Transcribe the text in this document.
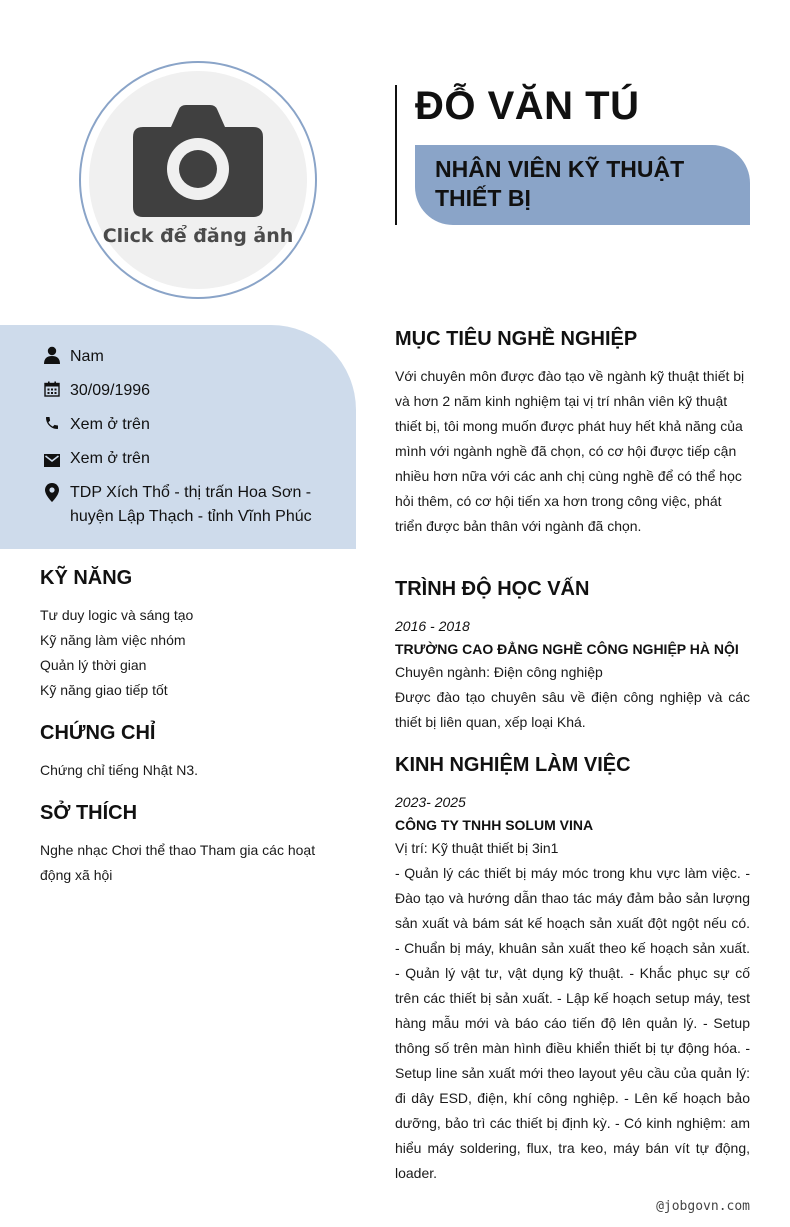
Click để đăng ảnh
ĐỖ VĂN TÚ
NHÂN VIÊN KỸ THUẬT THIẾT BỊ
Nam
30/09/1996
Xem ở trên
Xem ở trên
TDP Xích Thổ - thị trấn Hoa Sơn - huyện Lập Thạch - tỉnh Vĩnh Phúc
KỸ NĂNG
Tư duy logic và sáng tạo
Kỹ năng làm việc nhóm
Quản lý thời gian
Kỹ năng giao tiếp tốt
CHỨNG CHỈ
Chứng chỉ tiếng Nhật N3.
SỞ THÍCH
Nghe nhạc Chơi thể thao Tham gia các hoạt động xã hội
MỤC TIÊU NGHỀ NGHIỆP
Với chuyên môn được đào tạo về ngành kỹ thuật thiết bị và hơn 2 năm kinh nghiệm tại vị trí nhân viên kỹ thuật thiết bị, tôi mong muốn được phát huy hết khả năng của mình với ngành nghề đã chọn, có cơ hội được tiếp cận nhiều hơn nữa với các anh chị cùng nghề để có thể học hỏi thêm, có cơ hội tiến xa hơn trong công việc, phát triển được bản thân với ngành đã chọn.
TRÌNH ĐỘ HỌC VẤN
2016 - 2018
TRƯỜNG CAO ĐẲNG NGHỀ CÔNG NGHIỆP HÀ NỘI
Chuyên ngành: Điện công nghiệp
Được đào tạo chuyên sâu về điện công nghiệp và các thiết bị liên quan, xếp loại Khá.
KINH NGHIỆM LÀM VIỆC
2023- 2025
CÔNG TY TNHH SOLUM VINA
Vị trí: Kỹ thuật thiết bị 3in1
- Quản lý các thiết bị máy móc trong khu vực làm việc. - Đào tạo và hướng dẫn thao tác máy đảm bảo sản lượng sản xuất và bám sát kế hoạch sản xuất đột ngột nếu có. - Chuẩn bị máy, khuân sản xuất theo kế hoạch sản xuất. - Quản lý vật tư, vật dụng kỹ thuật. - Khắc phục sự cố trên các thiết bị sản xuất. - Lập kế hoạch setup máy, test hàng mẫu mới và báo cáo tiến độ lên quản lý. - Setup thông số trên màn hình điều khiển thiết bị tự động hóa. - Setup line sản xuất mới theo layout yêu cầu của quản lý: đi dây ESD, điện, khí công nghiệp. - Lên kế hoạch bảo dưỡng, bảo trì các thiết bị định kỳ. - Có kinh nghiệm: am hiểu máy soldering, flux, tra keo, máy bán vít tự động, loader.
@jobgovn.com
